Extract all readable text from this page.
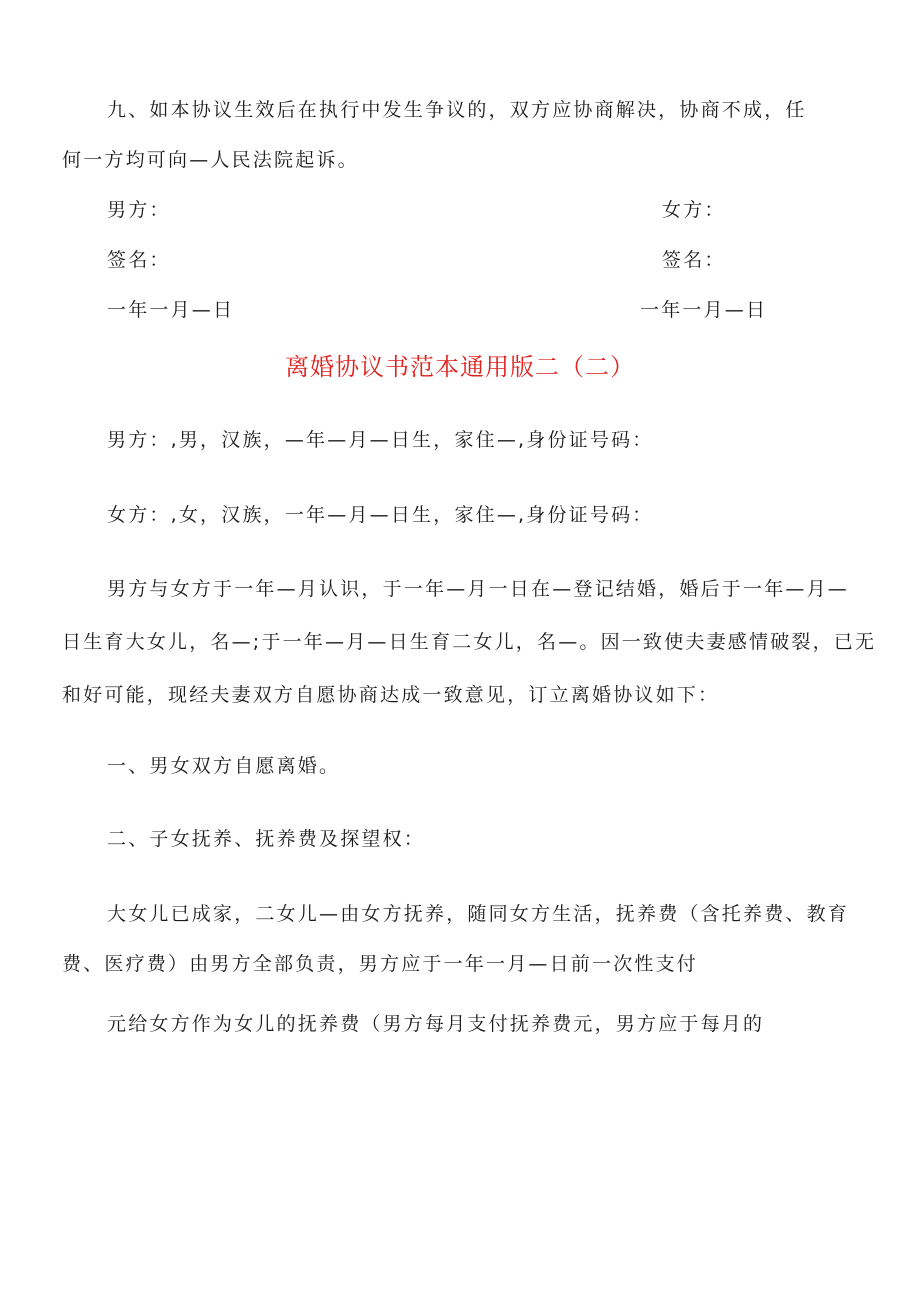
九、如本协议生效后在执行中发生争议的，双方应协商解决，协商不成，任
何一方均可向—人民法院起诉。
男方：	女方：
签名：	签名：
一年一月—日	一年一月—日
离婚协议书范本通用版二（二）
男方：,男，汉族，—年—月—日生，家住—,身份证号码：
女方：,女，汉族，一年—月—日生，家住—,身份证号码：
男方与女方于一年—月认识，于一年—月一日在—登记结婚，婚后于一年—月—
日生育大女儿，名—;于一年—月—日生育二女儿，名—。因一致使夫妻感情破裂，已无
和好可能，现经夫妻双方自愿协商达成一致意见，订立离婚协议如下：
一、男女双方自愿离婚。
二、子女抚养、抚养费及探望权：
大女儿已成家，二女儿—由女方抚养，随同女方生活，抚养费（含托养费、教育
费、医疗费）由男方全部负责，男方应于一年一月—日前一次性支付
元给女方作为女儿的抚养费（男方每月支付抚养费元，男方应于每月的
